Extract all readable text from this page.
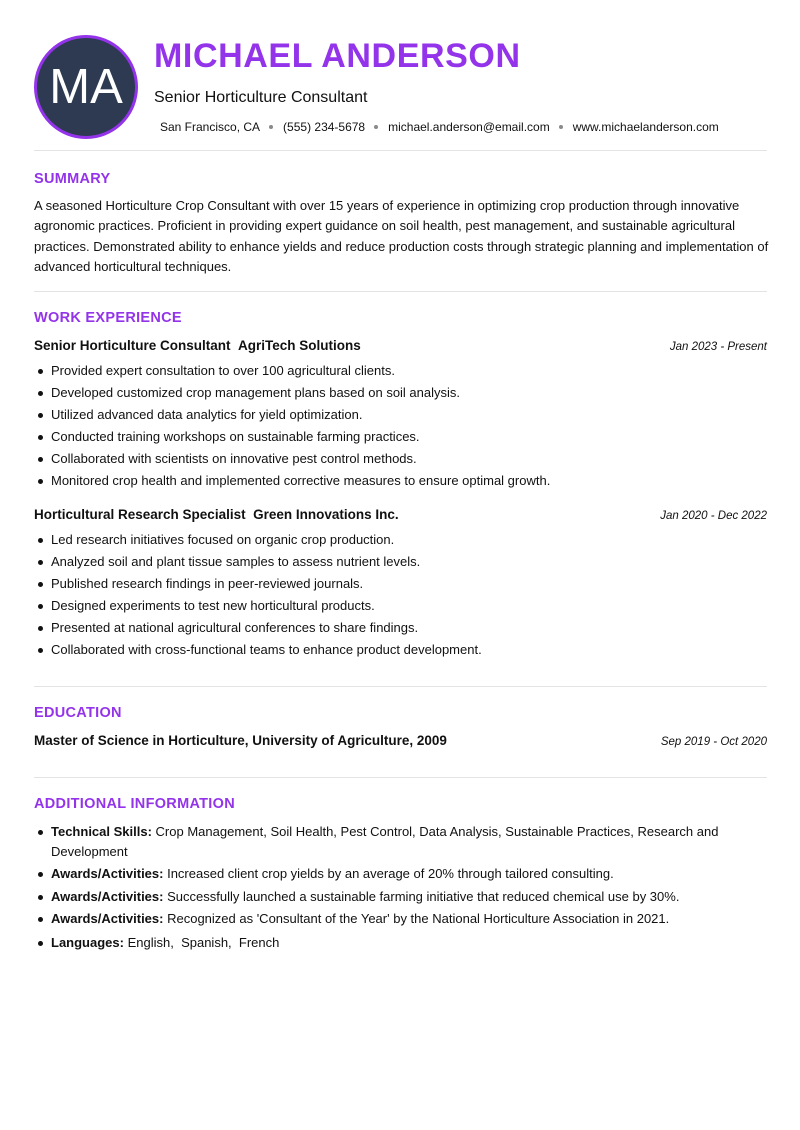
MA
MICHAEL ANDERSON
Senior Horticulture Consultant
San Francisco, CA (555) 234-5678 michael.anderson@email.com www.michaelanderson.com
SUMMARY
A seasoned Horticulture Crop Consultant with over 15 years of experience in optimizing crop production through innovative agronomic practices. Proficient in providing expert guidance on soil health, pest management, and sustainable agricultural practices. Demonstrated ability to enhance yields and reduce production costs through strategic planning and implementation of advanced horticultural techniques.
WORK EXPERIENCE
Senior Horticulture Consultant AgriTech Solutions	Jan 2023 - Present
Provided expert consultation to over 100 agricultural clients.
Developed customized crop management plans based on soil analysis.
Utilized advanced data analytics for yield optimization.
Conducted training workshops on sustainable farming practices.
Collaborated with scientists on innovative pest control methods.
Monitored crop health and implemented corrective measures to ensure optimal growth.
Horticultural Research Specialist Green Innovations Inc.	Jan 2020 - Dec 2022
Led research initiatives focused on organic crop production.
Analyzed soil and plant tissue samples to assess nutrient levels.
Published research findings in peer-reviewed journals.
Designed experiments to test new horticultural products.
Presented at national agricultural conferences to share findings.
Collaborated with cross-functional teams to enhance product development.
EDUCATION
Master of Science in Horticulture, University of Agriculture, 2009	Sep 2019 - Oct 2020
ADDITIONAL INFORMATION
Technical Skills: Crop Management, Soil Health, Pest Control, Data Analysis, Sustainable Practices, Research and Development
Awards/Activities: Increased client crop yields by an average of 20% through tailored consulting.
Awards/Activities: Successfully launched a sustainable farming initiative that reduced chemical use by 30%.
Awards/Activities: Recognized as 'Consultant of the Year' by the National Horticulture Association in 2021.
Languages: English,  Spanish,  French
